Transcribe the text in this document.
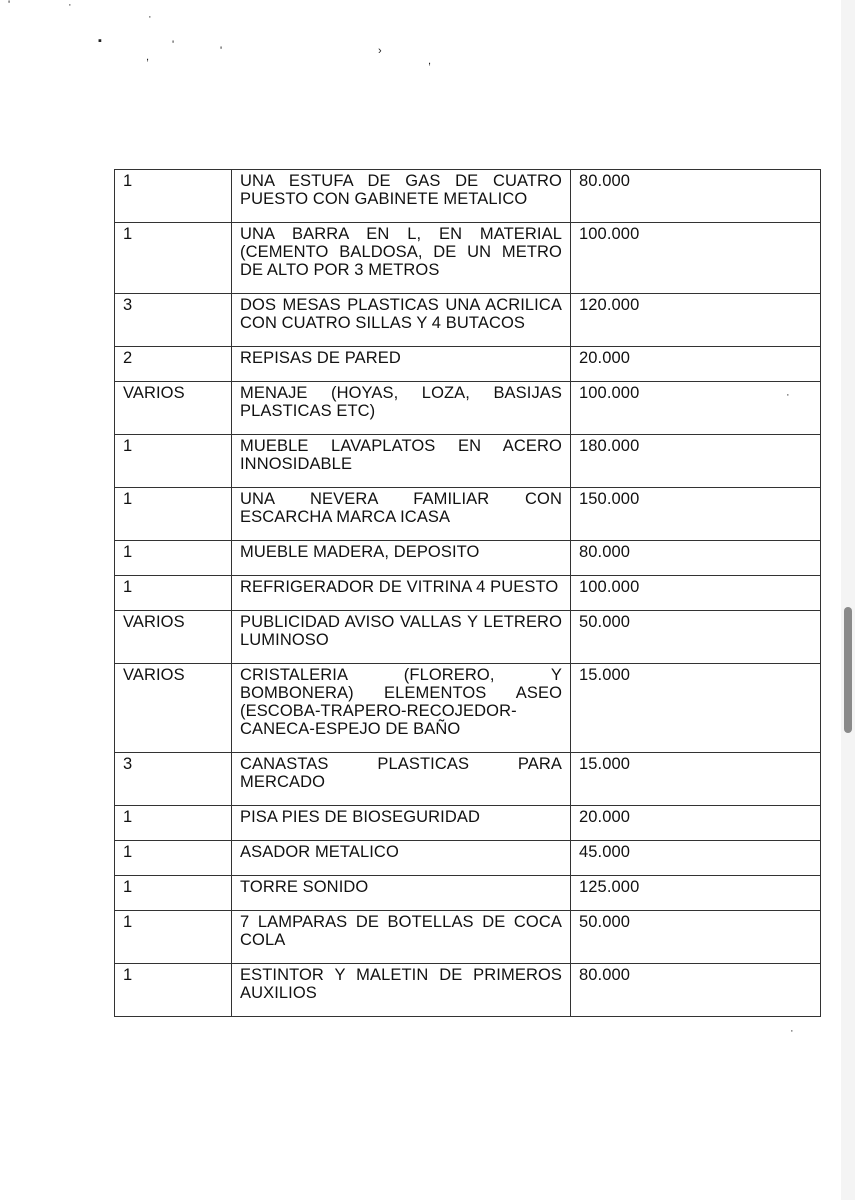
'	·
·
▪	'
,	'	›
,
·
·
1	UNA ESTUFA DE GAS DE CUATRO PUESTO CON GABINETE METALICO	80.000
1	UNA BARRA EN L, EN MATERIAL (CEMENTO BALDOSA, DE UN METRO DE ALTO POR 3 METROS	100.000
3	DOS MESAS PLASTICAS UNA ACRILICA CON CUATRO SILLAS Y 4 BUTACOS	120.000
2	REPISAS DE PARED	20.000
VARIOS	MENAJE (HOYAS, LOZA, BASIJAS PLASTICAS ETC)	100.000
1	MUEBLE LAVAPLATOS EN ACERO INNOSIDABLE	180.000
1	UNA NEVERA FAMILIAR CON ESCARCHA MARCA ICASA	150.000
1	MUEBLE MADERA, DEPOSITO	80.000
1	REFRIGERADOR DE VITRINA 4 PUESTO	100.000
VARIOS	PUBLICIDAD AVISO VALLAS Y LETRERO LUMINOSO	50.000
VARIOS	CRISTALERIA (FLORERO, Y BOMBONERA) ELEMENTOS ASEO (ESCOBA-TRAPERO-RECOJEDOR-CANECA-ESPEJO DE BAÑO	15.000
3	CANASTAS PLASTICAS PARA MERCADO	15.000
1	PISA PIES DE BIOSEGURIDAD	20.000
1	ASADOR METALICO	45.000
1	TORRE SONIDO	125.000
1	7 LAMPARAS DE BOTELLAS DE COCA COLA	50.000
1	ESTINTOR Y MALETIN DE PRIMEROS AUXILIOS	80.000
